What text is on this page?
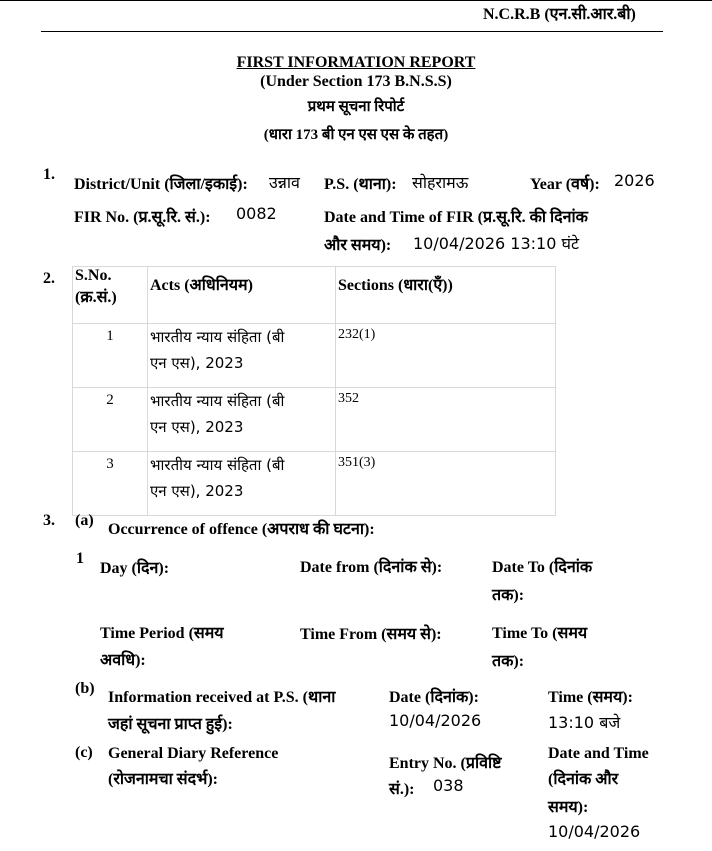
N.C.R.B (एन.सी.आर.बी)
FIRST INFORMATION REPORT
(Under Section 173 B.N.S.S)
प्रथम सूचना रिपोर्ट
(धारा 173 बी एन एस एस के तहत)
1.
District/Unit (जिला/इकाई): उन्नाव P.S. (थाना): सोहरामऊ	Year (वर्ष): 2026
FIR No. (प्र.सू.रि. सं.): 0082	Date and Time of FIR (प्र.सू.रि. की दिनांक
और समय): 10/04/2026 13:10 घंटे
2. S.No.
(क्र.सं.)	Acts (अधिनियम)	Sections (धारा(एँ))
1	भारतीय न्याय संहिता (बी
एन एस), 2023	232(1)
2	भारतीय न्याय संहिता (बी
एन एस), 2023	352
3	भारतीय न्याय संहिता (बी
एन एस), 2023	351(3)
3. (a)
Occurrence of offence (अपराध की घटना):
1
Day (दिन):	Date from (दिनांक से):	Date To (दिनांक
तक):
Time Period (समय
अवधि):
Time From (समय से):	Time To (समय
तक):
(b)
Information received at P.S. (थाना
जहां सूचना प्राप्त हुई):
Date (दिनांक):
10/04/2026
Time (समय):
13:10 बजे
(c) General Diary Reference
(रोजनामचा संदर्भ):
Entry No. (प्रविष्टि
सं.): 038
Date and Time
(दिनांक और
समय):
10/04/2026
